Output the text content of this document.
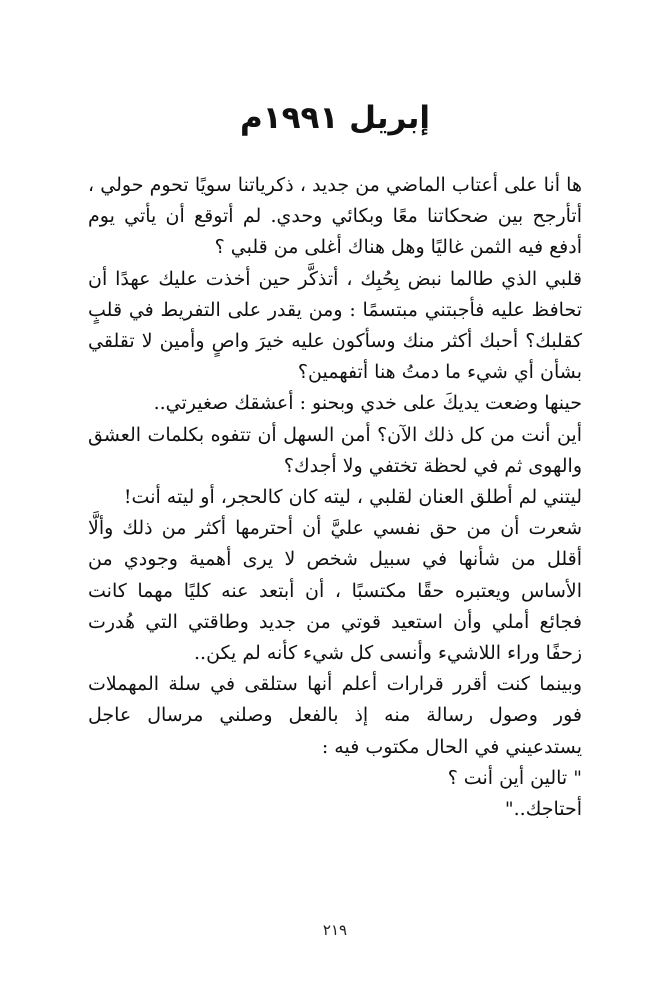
إبريل ١٩٩١م

ها أنا على أعتاب الماضي من جديد ، ذكرياتنا سويًا تحوم حولي ، أتأرجح بين ضحكاتنا معًا وبكائي وحدي. لم أتوقع أن يأتي يوم أدفع فيه الثمن غاليًا وهل هناك أغلى من قلبي ؟

قلبي الذي طالما نبض بِحُبِك ، أتذكَّر حين أخذت عليك عهدًا أن تحافظ عليه فأجبتني مبتسمًا : ومن يقدر على التفريط في قلبٍ كقلبك؟ أحبك أكثر منك وسأكون عليه خيرَ واصٍ وأمين لا تقلقي بشأن أي شيء ما دمتُ هنا أتفهمين؟

حينها وضعت يديكَ على خدي وبحنو : أعشقك صغيرتي..

أين أنت من كل ذلك الآن؟ أمن السهل أن تتفوه بكلمات العشق والهوى ثم في لحظة تختفي ولا أجدك؟

ليتني لم أطلق العنان لقلبي ، ليته كان كالحجر، أو ليته أنت!

شعرت أن من حق نفسي عليَّ أن أحترمها أكثر من ذلك وألَّا أقلل من شأنها في سبيل شخص لا يرى أهمية وجودي من الأساس ويعتبره حقًا مكتسبًا ، أن أبتعد عنه كليًا مهما كانت فجائع أملي وأن استعيد قوتي من جديد وطاقتي التي هُدرت زحفًا وراء اللاشيء وأنسى كل شيء كأنه لم يكن..

وبينما كنت أقرر قرارات أعلم أنها ستلقى في سلة المهملات فور وصول رسالة منه إذ بالفعل وصلني مرسال عاجل يستدعيني في الحال مكتوب فيه :

" تالين أين أنت ؟

أحتاجك.."

٢١٩
